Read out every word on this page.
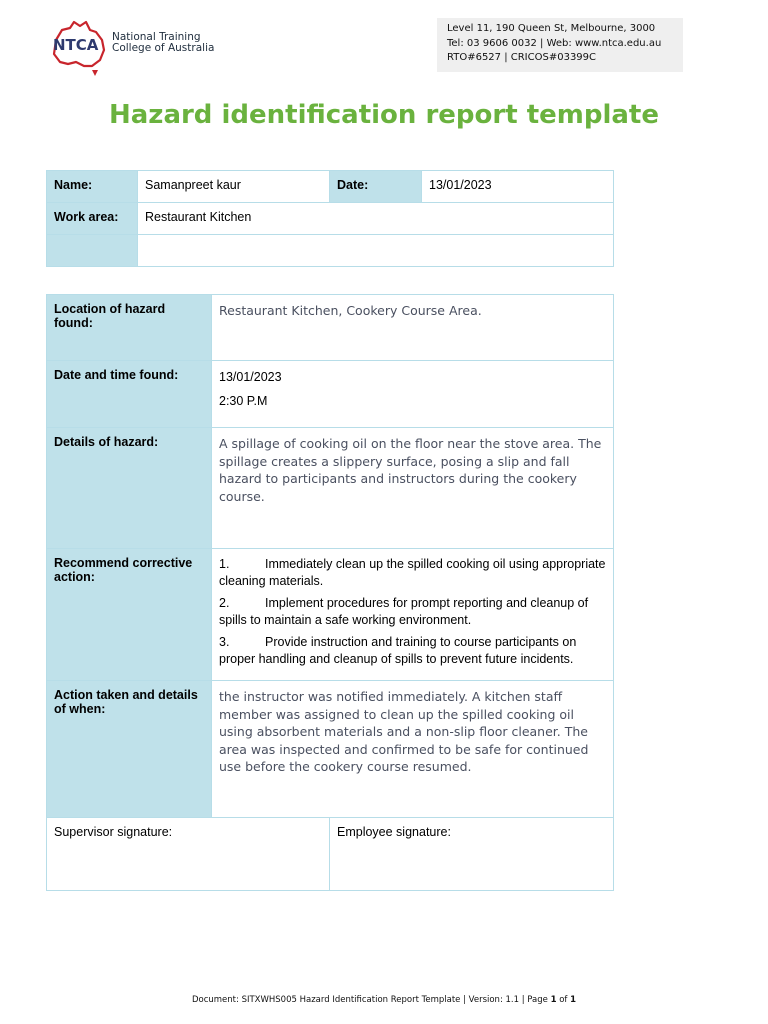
NTCA National Training
College of Australia
Level 11, 190 Queen St, Melbourne, 3000
Tel: 03 9606 0032 | Web: www.ntca.edu.au
RTO#6527 | CRICOS#03399C
Hazard identification report template
Name:	Samanpreet kaur	Date:	13/01/2023
Work area:	Restaurant Kitchen		

Location of hazard found:	Restaurant Kitchen, Cookery Course Area.	
Date and time found:	13/01/2023
2:30 P.M	

Details of hazard:	A spillage of cooking oil on the floor near the stove area. The spillage creates a slippery surface, posing a slip and fall hazard to participants and instructors during the cookery course.	
Recommend corrective action:	1. Immediately clean up the spilled cooking oil using appropriate cleaning materials.
2. Implement procedures for prompt reporting and cleanup of spills to maintain a safe working environment.
3. Provide instruction and training to course participants on proper handling and cleanup of spills to prevent future incidents.	

Action taken and details of when:	the instructor was notified immediately. A kitchen staff member was assigned to clean up the spilled cooking oil using absorbent materials and a non-slip floor cleaner. The area was inspected and confirmed to be safe for continued use before the cookery course resumed.	
Supervisor signature:		Employee signature:
Document: SITXWHS005 Hazard Identification Report Template | Version: 1.1 | Page 1 of 1
